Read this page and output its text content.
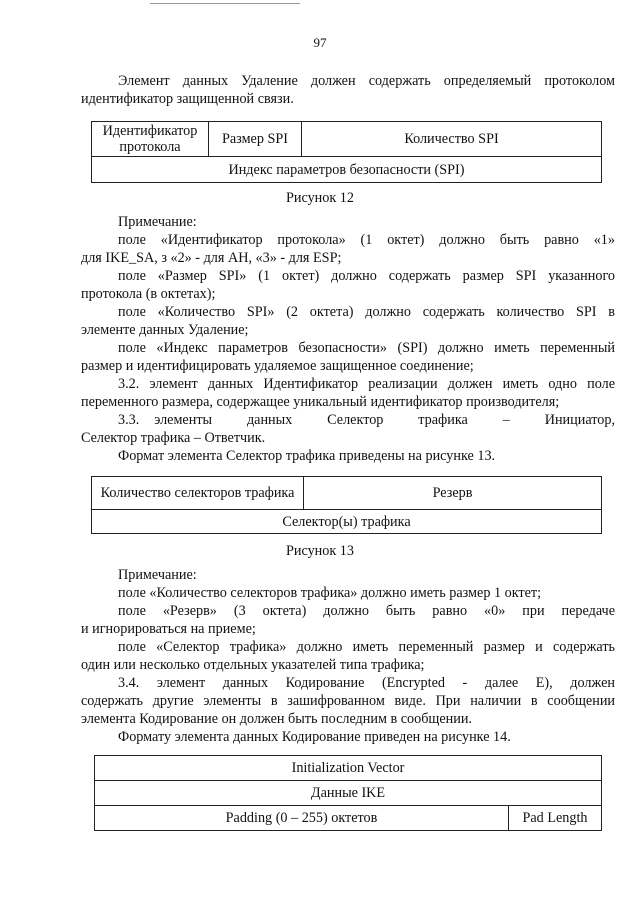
97

Элемент данных Удаление должен содержать определяемый протоколом

идентификатор защищенной связи.

Идентификатор протокола	Размер SPI	Количество SPI
Индекс параметров безопасности (SPI)

Рисунок 12

Примечание:

поле «Идентификатор протокола» (1 октет) должно быть равно «1»

для IKE_SA, з «2» - для АН, «3» - для ESP;

поле «Размер SPI» (1 октет) должно содержать размер SPI указанного

протокола (в октетах);

поле «Количество SPI» (2 октета) должно содержать количество SPI в

элементе данных Удаление;

поле «Индекс параметров безопасности» (SPI) должно иметь переменный

размер и идентифицировать удаляемое защищенное соединение;

3.2. элемент данных Идентификатор реализации должен иметь одно поле

переменного размера, содержащее уникальный идентификатор производителя;

3.3.   элементы       данных       Селектор       трафика       –       Инициатор,

Селектор трафика – Ответчик.

Формат элемента Селектор трафика приведены на рисунке 13.

Количество селекторов трафика	Резерв
Селектор(ы) трафика

Рисунок 13

Примечание:

поле «Количество селекторов трафика» должно иметь размер 1 октет;

поле «Резерв» (3 октета) должно быть равно «0» при передаче

и игнорироваться на приеме;

поле «Селектор трафика» должно иметь переменный размер и содержать

один или несколько отдельных указателей типа трафика;

3.4. элемент данных Кодирование (Encrypted - далее E), должен

содержать другие элементы в зашифрованном виде. При наличии в сообщении

элемента Кодирование он должен быть последним в сообщении.

Формату элемента данных Кодирование приведен на рисунке 14.

Initialization Vector
Данные IKE
Padding (0 – 255) октетов	Pad Length
